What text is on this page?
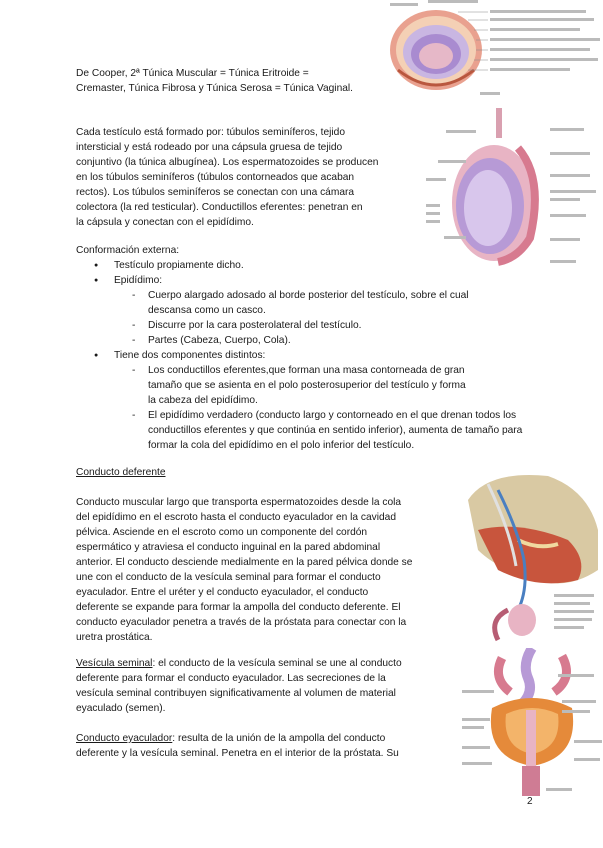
De Cooper, 2ª Túnica Muscular = Túnica Eritroide =

Cremaster, Túnica Fibrosa y Túnica Serosa = Túnica Vaginal.

Cada testículo está formado por: túbulos seminíferos, tejido

intersticial y está rodeado por una cápsula gruesa de tejido

conjuntivo (la túnica albugínea). Los espermatozoides se producen

en los túbulos seminíferos (túbulos contorneados que acaban

rectos). Los túbulos seminíferos se conectan con una cámara

colectora (la red testicular). Conductillos eferentes: penetran en

la cápsula y conectan con el epidídimo.

Conformación externa:

● Testículo propiamente dicho.
● Epidídimo:
- Cuerpo alargado adosado al borde posterior del testículo, sobre el cual descansa como un casco.
- Discurre por la cara posterolateral del testículo.
- Partes (Cabeza, Cuerpo, Cola).
● Tiene dos componentes distintos:
- Los conductillos eferentes,que forman una masa contorneada de gran tamaño que se asienta en el polo posterosuperior del testículo y forma la cabeza del epidídimo.
- El epidídimo verdadero (conducto largo y contorneado en el que drenan todos los conductillos eferentes y que continúa en sentido inferior), aumenta de tamaño para formar la cola del epidídimo en el polo inferior del testículo.

Conducto deferente

Conducto muscular largo que transporta espermatozoides desde la cola

del epidídimo en el escroto hasta el conducto eyaculador en la cavidad

pélvica. Asciende en el escroto como un componente del cordón

espermático y atraviesa el conducto inguinal en la pared abdominal

anterior. El conducto desciende medialmente en la pared pélvica donde se

une con el conducto de la vesícula seminal para formar el conducto

eyaculador. Entre el uréter y el conducto eyaculador, el conducto

deferente se expande para formar la ampolla del conducto deferente. El

conducto eyaculador penetra a través de la próstata para conectar con la

uretra prostática.

Vesícula seminal: el conducto de la vesícula seminal se une al conducto

deferente para formar el conducto eyaculador. Las secreciones de la

vesícula seminal contribuyen significativamente al volumen de material

eyaculado (semen).

Conducto eyaculador: resulta de la unión de la ampolla del conducto

deferente y la vesícula seminal. Penetra en el interior de la próstata. Su

2
